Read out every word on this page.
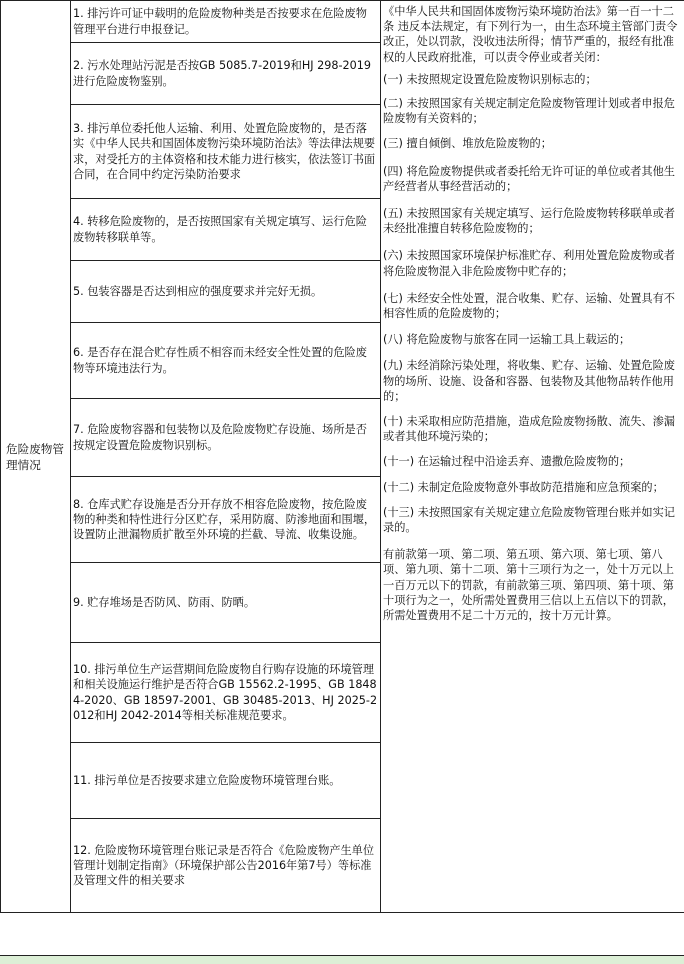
危险废物管理情况
	1. 排污许可证中载明的危险废物种类是否按要求在危险废物管理平台进行申报登记。	

《中华人民共和国固体废物污染环境防治法》第一百一十二条 违反本法规定，有下列行为一，由生态环境主管部门责令改正，处以罚款，没收违法所得；情节严重的，报经有批准权的人民政府批准，可以责令停业或者关闭：

(一) 未按照规定设置危险废物识别标志的；

(二) 未按照国家有关规定制定危险废物管理计划或者申报危险废物有关资料的；

(三) 擅自倾倒、堆放危险废物的；

(四) 将危险废物提供或者委托给无许可证的单位或者其他生产经营者从事经营活动的；

(五) 未按照国家有关规定填写、运行危险废物转移联单或者未经批准擅自转移危险废物的；

(六) 未按照国家环境保护标准贮存、利用处置危险废物或者将危险废物混入非危险废物中贮存的；

(七) 未经安全性处置，混合收集、贮存、运输、处置具有不相容性质的危险废物的；

(八) 将危险废物与旅客在同一运输工具上载运的；

(九) 未经消除污染处理，将收集、贮存、运输、处置危险废物的场所、设施、设备和容器、包装物及其他物品转作他用的；

(十) 未采取相应防范措施，造成危险废物扬散、流失、渗漏或者其他环境污染的；

(十一) 在运输过程中沿途丢弃、遗撒危险废物的；

(十二) 未制定危险废物意外事故防范措施和应急预案的；

(十三) 未按照国家有关规定建立危险废物管理台账并如实记录的。

有前款第一项、第二项、第五项、第六项、第七项、第八项、第九项、第十二项、第十三项行为之一，处十万元以上一百万元以下的罚款，有前款第三项、第四项、第十项、第十项行为之一，处所需处置费用三信以上五信以下的罚款，所需处置费用不足二十万元的，按十万元计算。

2. 污水处理站污泥是否按GB 5085.7-2019和HJ 298-2019进行危险废物鉴别。
3. 排污单位委托他人运输、利用、处置危险废物的，是否落实《中华人民共和国固体废物污染环境防治法》等法律法规要求，对受托方的主体资格和技术能力进行核实，依法签订书面合同，在合同中约定污染防治要求
4. 转移危险废物的，是否按照国家有关规定填写、运行危险废物转移联单等。
5. 包装容器是否达到相应的强度要求并完好无损。
6. 是否存在混合贮存性质不相容而未经安全性处置的危险废物等环境违法行为。
7. 危险废物容器和包装物以及危险废物贮存设施、场所是否按规定设置危险废物识别标。
8. 仓库式贮存设施是否分开存放不相容危险废物，按危险废物的种类和特性进行分区贮存，采用防腐、防渗地面和围堰，设置防止泄漏物质扩散至外环境的拦截、导流、收集设施。
9. 贮存堆场是否防风、防雨、防晒。
10. 排污单位生产运营期间危险废物自行购存设施的环境管理和相关设施运行维护是否符合GB 15562.2-1995、GB 18484-2020、GB 18597-2001、GB 30485-2013、HJ 2025-2012和HJ 2042-2014等相关标准规范要求。
11. 排污单位是否按要求建立危险废物环境管理台账。
12. 危险废物环境管理台账记录是否符合《危险废物产生单位管理计划制定指南》（环境保护部公告2016年第7号）等标准及管理文件的相关要求
